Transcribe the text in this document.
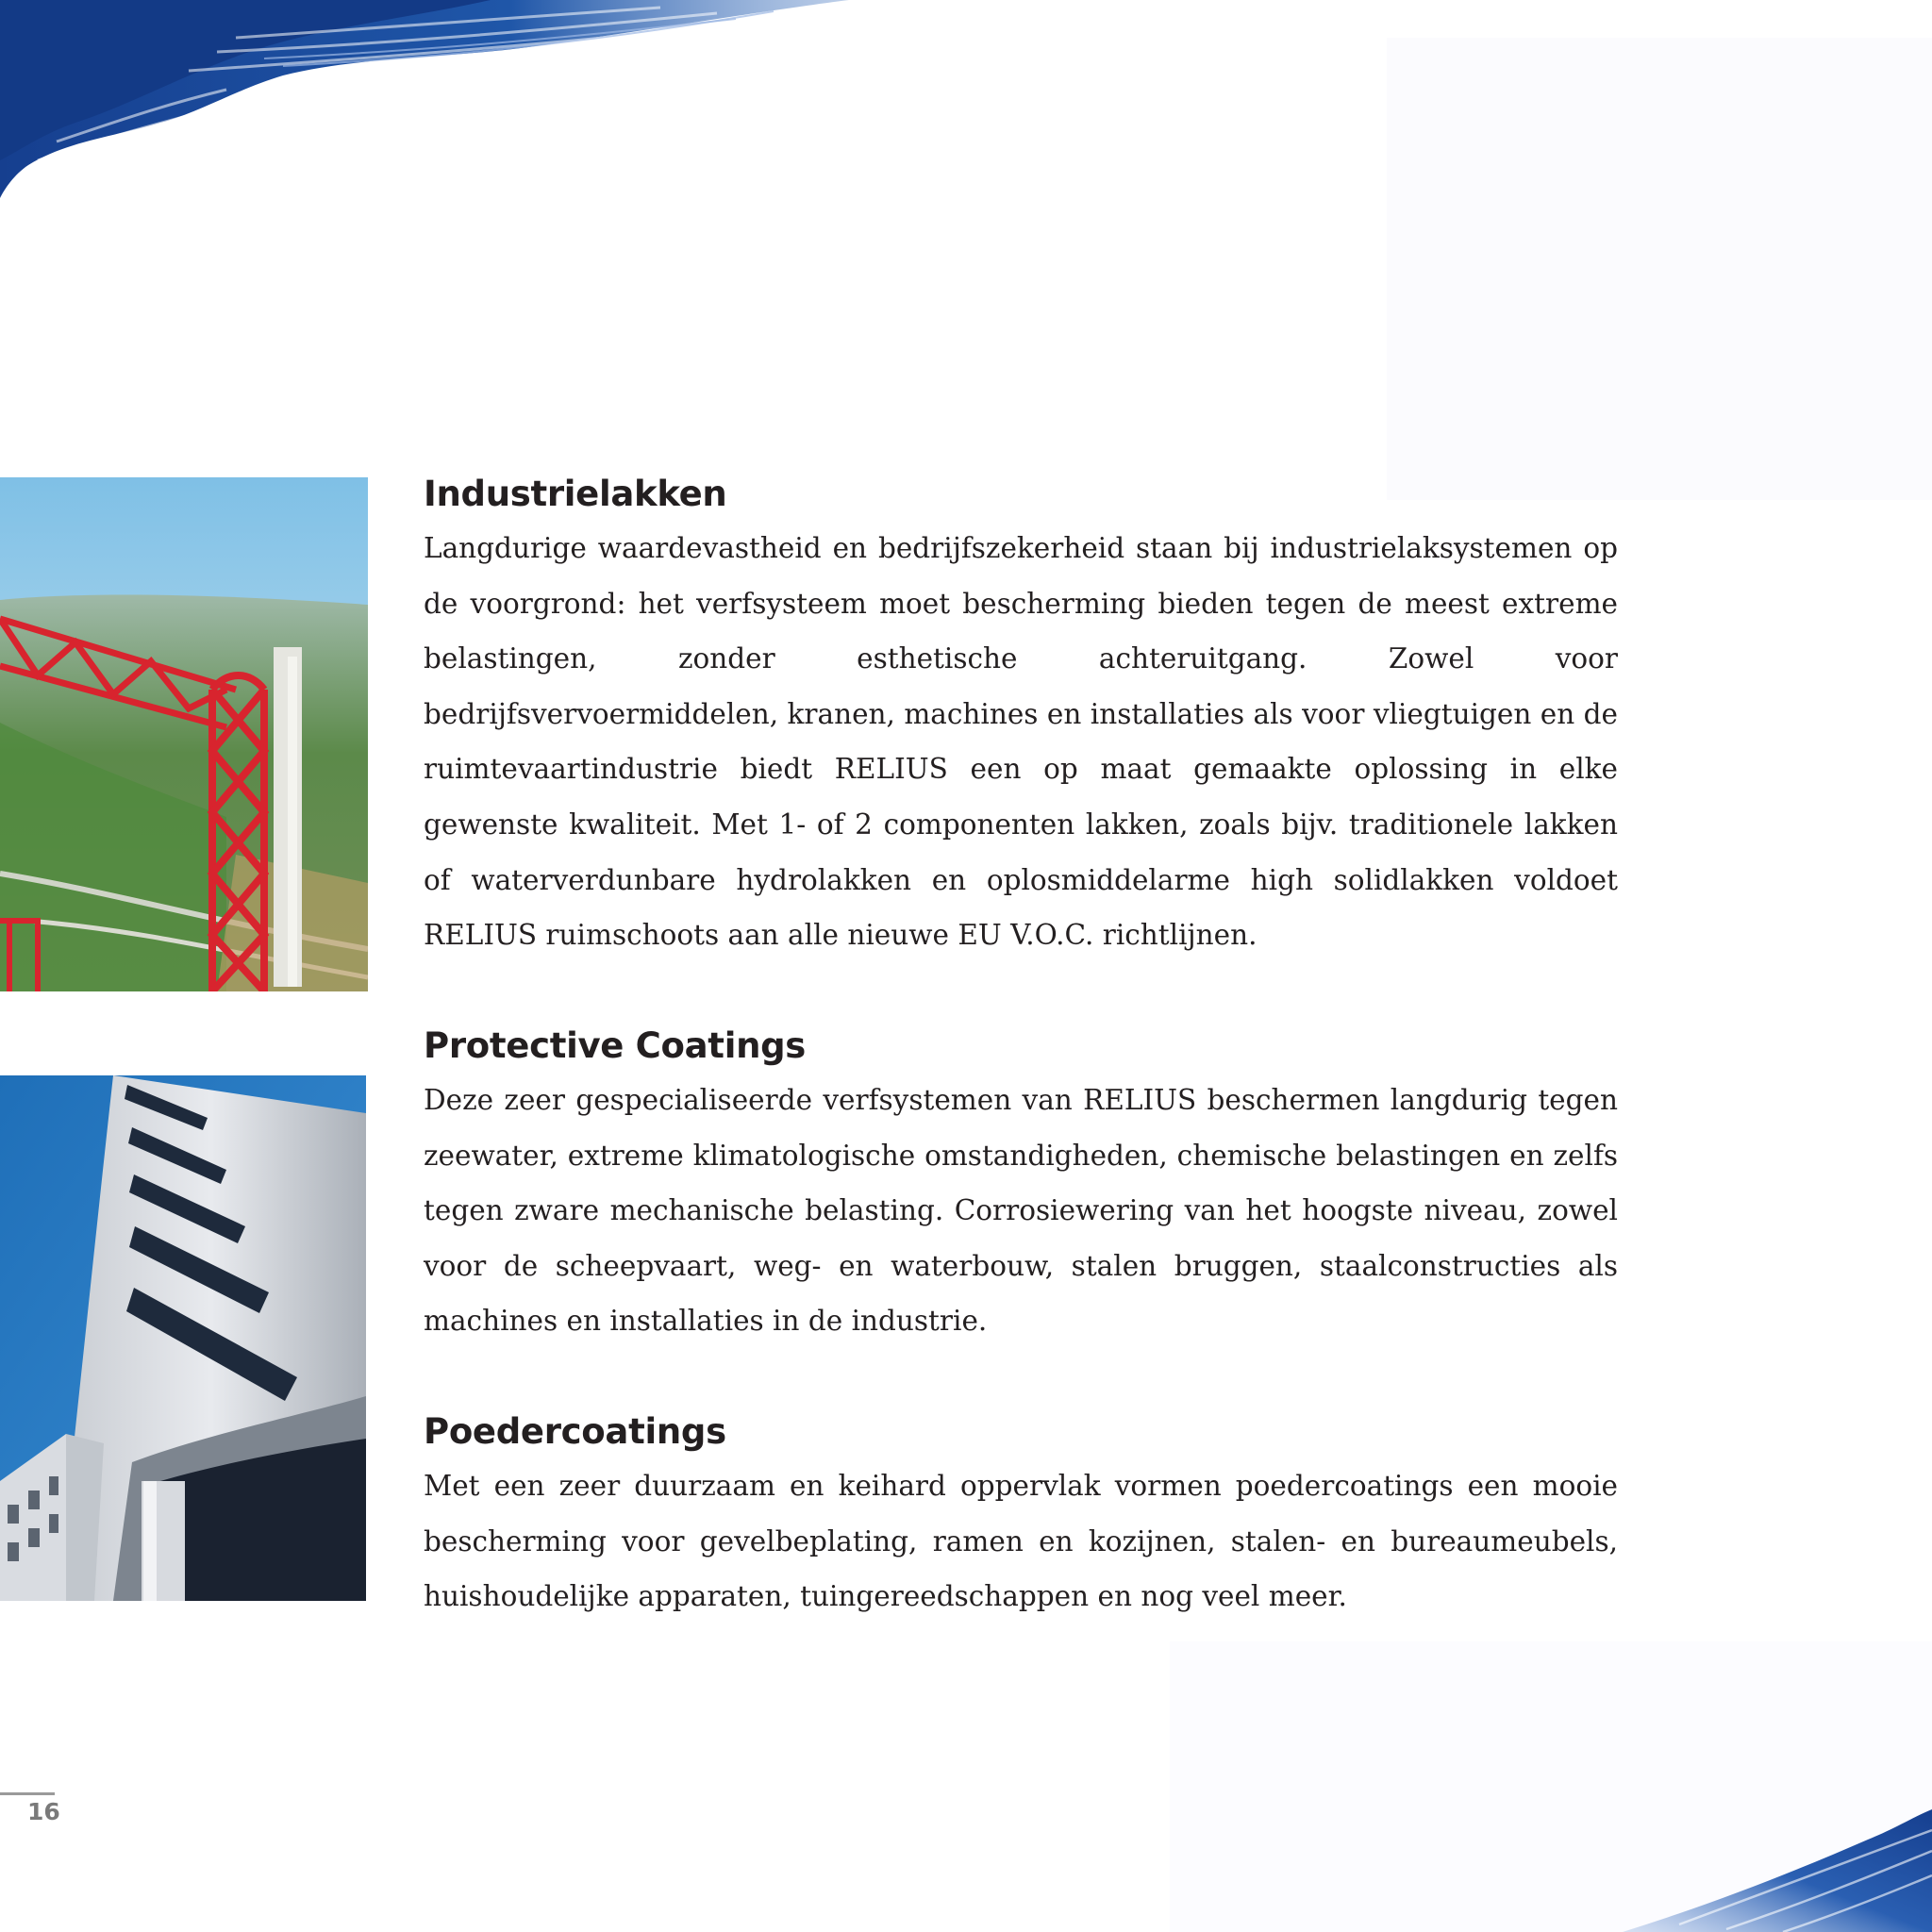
Industrielakken

Langdurige waardevastheid en bedrijfszekerheid staan bij industrielaksystemen op de voorgrond: het verfsysteem moet bescherming bieden tegen de meest extreme belastingen, zonder esthetische achteruitgang. Zowel voor bedrijfsvervoermiddelen, kranen, machines en installaties als voor vliegtuigen en de ruimtevaartindustrie biedt RELIUS een op maat gemaakte oplossing in elke gewenste kwaliteit. Met 1- of 2 componenten lakken, zoals bijv. traditionele lakken of waterverdunbare hydrolakken en oplosmiddelarme high solidlakken voldoet RELIUS ruimschoots aan alle nieuwe EU V.O.C. richtlijnen.

Protective Coatings

Deze zeer gespecialiseerde verfsystemen van RELIUS beschermen langdurig tegen zeewater, extreme klimatologische omstandigheden, chemische belastingen en zelfs tegen zware mechanische belasting. Corrosiewering van het hoogste niveau, zowel voor de scheepvaart, weg- en waterbouw, stalen bruggen, staalconstructies als machines en installaties in de industrie.

Poedercoatings

Met een zeer duurzaam en keihard oppervlak vormen poedercoatings een mooie bescherming voor gevelbeplating, ramen en kozijnen, stalen- en bureaumeubels, huishoudelijke apparaten, tuingereedschappen en nog veel meer.

16
